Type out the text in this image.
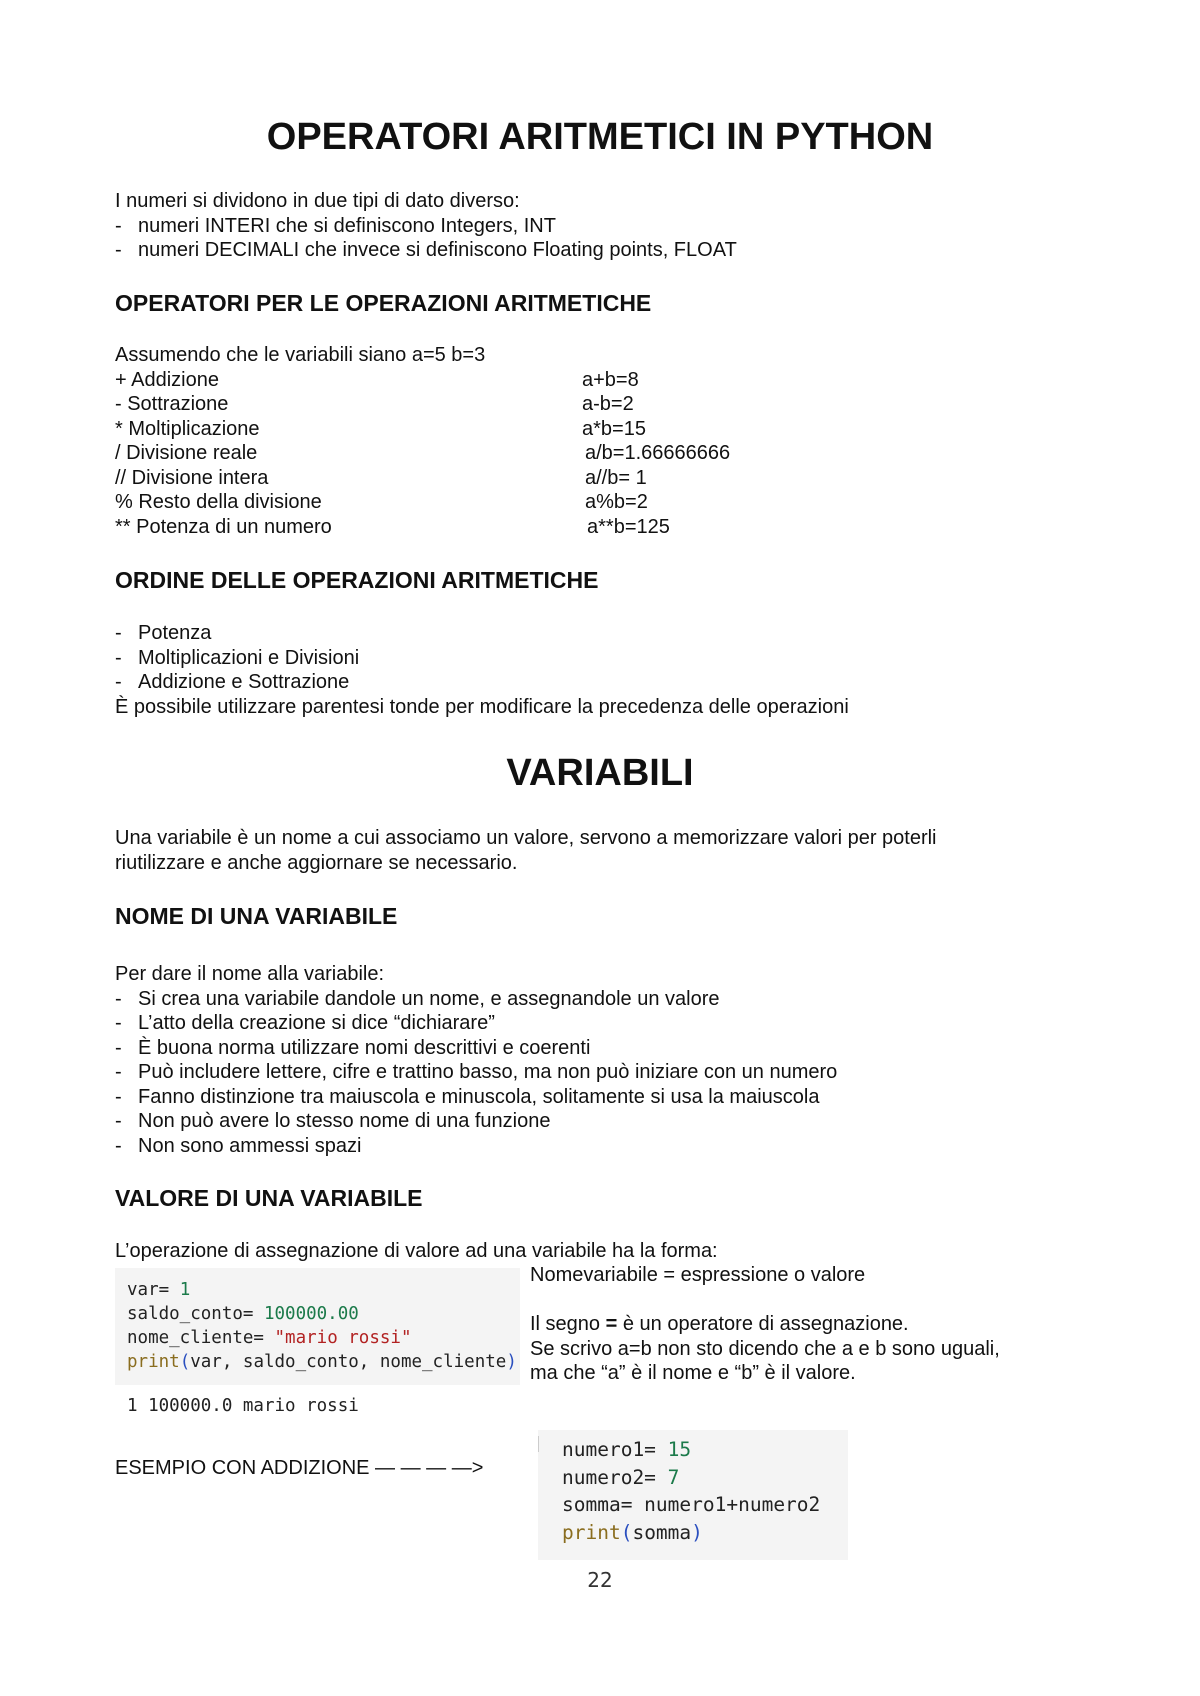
OPERATORI ARITMETICI IN PYTHON
I numeri si dividono in due tipi di dato diverso:
- numeri INTERI che si definiscono Integers, INT
- numeri DECIMALI che invece si definiscono Floating points, FLOAT
OPERATORI PER LE OPERAZIONI ARITMETICHE
Assumendo che le variabili siano a=5 b=3
+ Addizione	a+b=8
- Sottrazione	a-b=2
* Moltiplicazione	a*b=15
/ Divisione reale	a/b=1.66666666
// Divisione intera	a//b= 1
% Resto della divisione	a%b=2
** Potenza di un numero	a**b=125
ORDINE DELLE OPERAZIONI ARITMETICHE
- Potenza
- Moltiplicazioni e Divisioni
- Addizione e Sottrazione
È possibile utilizzare parentesi tonde per modificare la precedenza delle operazioni
VARIABILI
Una variabile è un nome a cui associamo un valore, servono a memorizzare valori per poterli
riutilizzare e anche aggiornare se necessario.
NOME DI UNA VARIABILE
Per dare il nome alla variabile:
- Si crea una variabile dandole un nome, e assegnandole un valore
- L’atto della creazione si dice “dichiarare”
- È buona norma utilizzare nomi descrittivi e coerenti
- Può includere lettere, cifre e trattino basso, ma non può iniziare con un numero
- Fanno distinzione tra maiuscola e minuscola, solitamente si usa la maiuscola
- Non può avere lo stesso nome di una funzione
- Non sono ammessi spazi
VALORE DI UNA VARIABILE
L’operazione di assegnazione di valore ad una variabile ha la forma:
Nomevariabile = espressione o valore
Il segno = è un operatore di assegnazione.
Se scrivo a=b non sto dicendo che a e b sono uguali,
ma che “a” è il nome e “b” è il valore.
var= 1
saldo_conto= 100000.00
nome_cliente= "mario rossi"
print(var, saldo_conto, nome_cliente)
1 100000.0 mario rossi
ESEMPIO CON ADDIZIONE — — — —>
numero1= 15
numero2= 7
somma= numero1+numero2
print(somma)
22
